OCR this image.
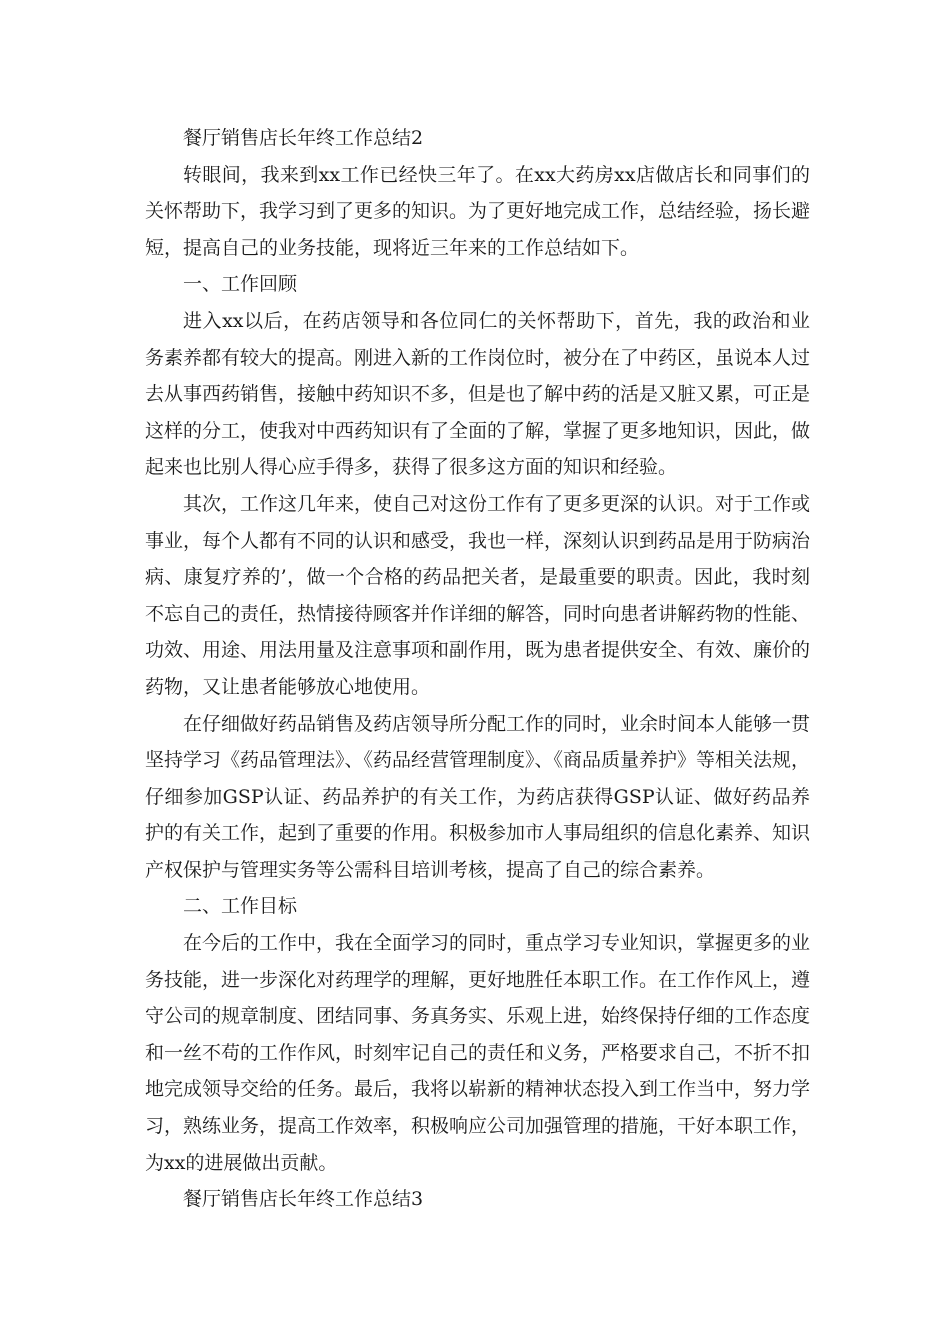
餐厅销售店长年终工作总结2

转眼间，我来到xx工作已经快三年了。在xx大药房xx店做店长和同事们的关怀帮助下，我学习到了更多的知识。为了更好地完成工作，总结经验，扬长避短，提高自己的业务技能，现将近三年来的工作总结如下。

一、工作回顾

进入xx以后，在药店领导和各位同仁的关怀帮助下，首先，我的政治和业务素养都有较大的提高。刚进入新的工作岗位时，被分在了中药区，虽说本人过去从事西药销售，接触中药知识不多，但是也了解中药的活是又脏又累，可正是这样的分工，使我对中西药知识有了全面的了解，掌握了更多地知识，因此，做起来也比别人得心应手得多，获得了很多这方面的知识和经验。

其次，工作这几年来，使自己对这份工作有了更多更深的认识。对于工作或事业，每个人都有不同的认识和感受，我也一样，深刻认识到药品是用于防病治病、康复疗养的’，做一个合格的药品把关者，是最重要的职责。因此，我时刻不忘自己的责任，热情接待顾客并作详细的解答，同时向患者讲解药物的性能、功效、用途、用法用量及注意事项和副作用，既为患者提供安全、有效、廉价的药物，又让患者能够放心地使用。

在仔细做好药品销售及药店领导所分配工作的同时，业余时间本人能够一贯坚持学习《药品管理法》、《药品经营管理制度》、《商品质量养护》等相关法规，仔细参加GSP认证、药品养护的有关工作，为药店获得GSP认证、做好药品养护的有关工作，起到了重要的作用。积极参加市人事局组织的信息化素养、知识产权保护与管理实务等公需科目培训考核，提高了自己的综合素养。

二、工作目标

在今后的工作中，我在全面学习的同时，重点学习专业知识，掌握更多的业务技能，进一步深化对药理学的理解，更好地胜任本职工作。在工作作风上，遵守公司的规章制度、团结同事、务真务实、乐观上进，始终保持仔细的工作态度和一丝不苟的工作作风，时刻牢记自己的责任和义务，严格要求自己，不折不扣地完成领导交给的任务。最后，我将以崭新的精神状态投入到工作当中，努力学习，熟练业务，提高工作效率，积极响应公司加强管理的措施，干好本职工作，为xx的进展做出贡献。

餐厅销售店长年终工作总结3
